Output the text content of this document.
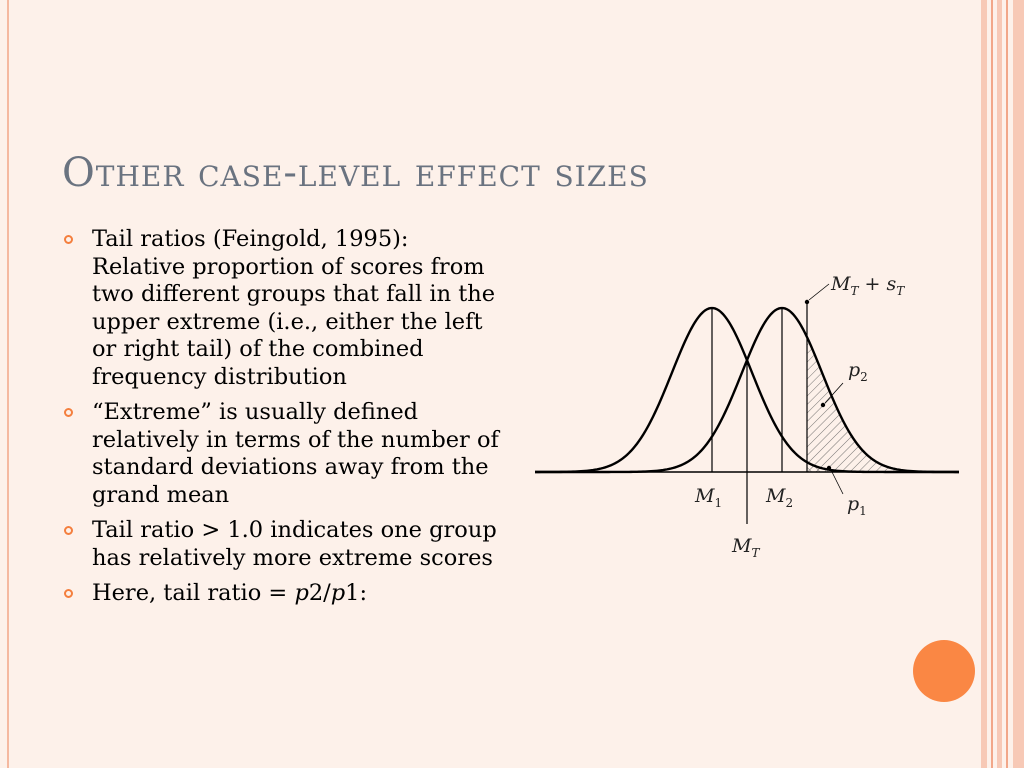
Other case-level effect sizes
Tail ratios (Feingold, 1995): Relative proportion of scores from two different groups that fall in the upper extreme (i.e., either the left or right tail) of the combined frequency distribution
“Extreme” is usually defined relatively in terms of the number of standard deviations away from the grand mean
Tail ratio > 1.0 indicates one group has relatively more extreme scores
Here, tail ratio = p2/p1:
$M_T + s_T$
$p_2$
$p_1$
$M_1$ $M_2$
$M_T$
